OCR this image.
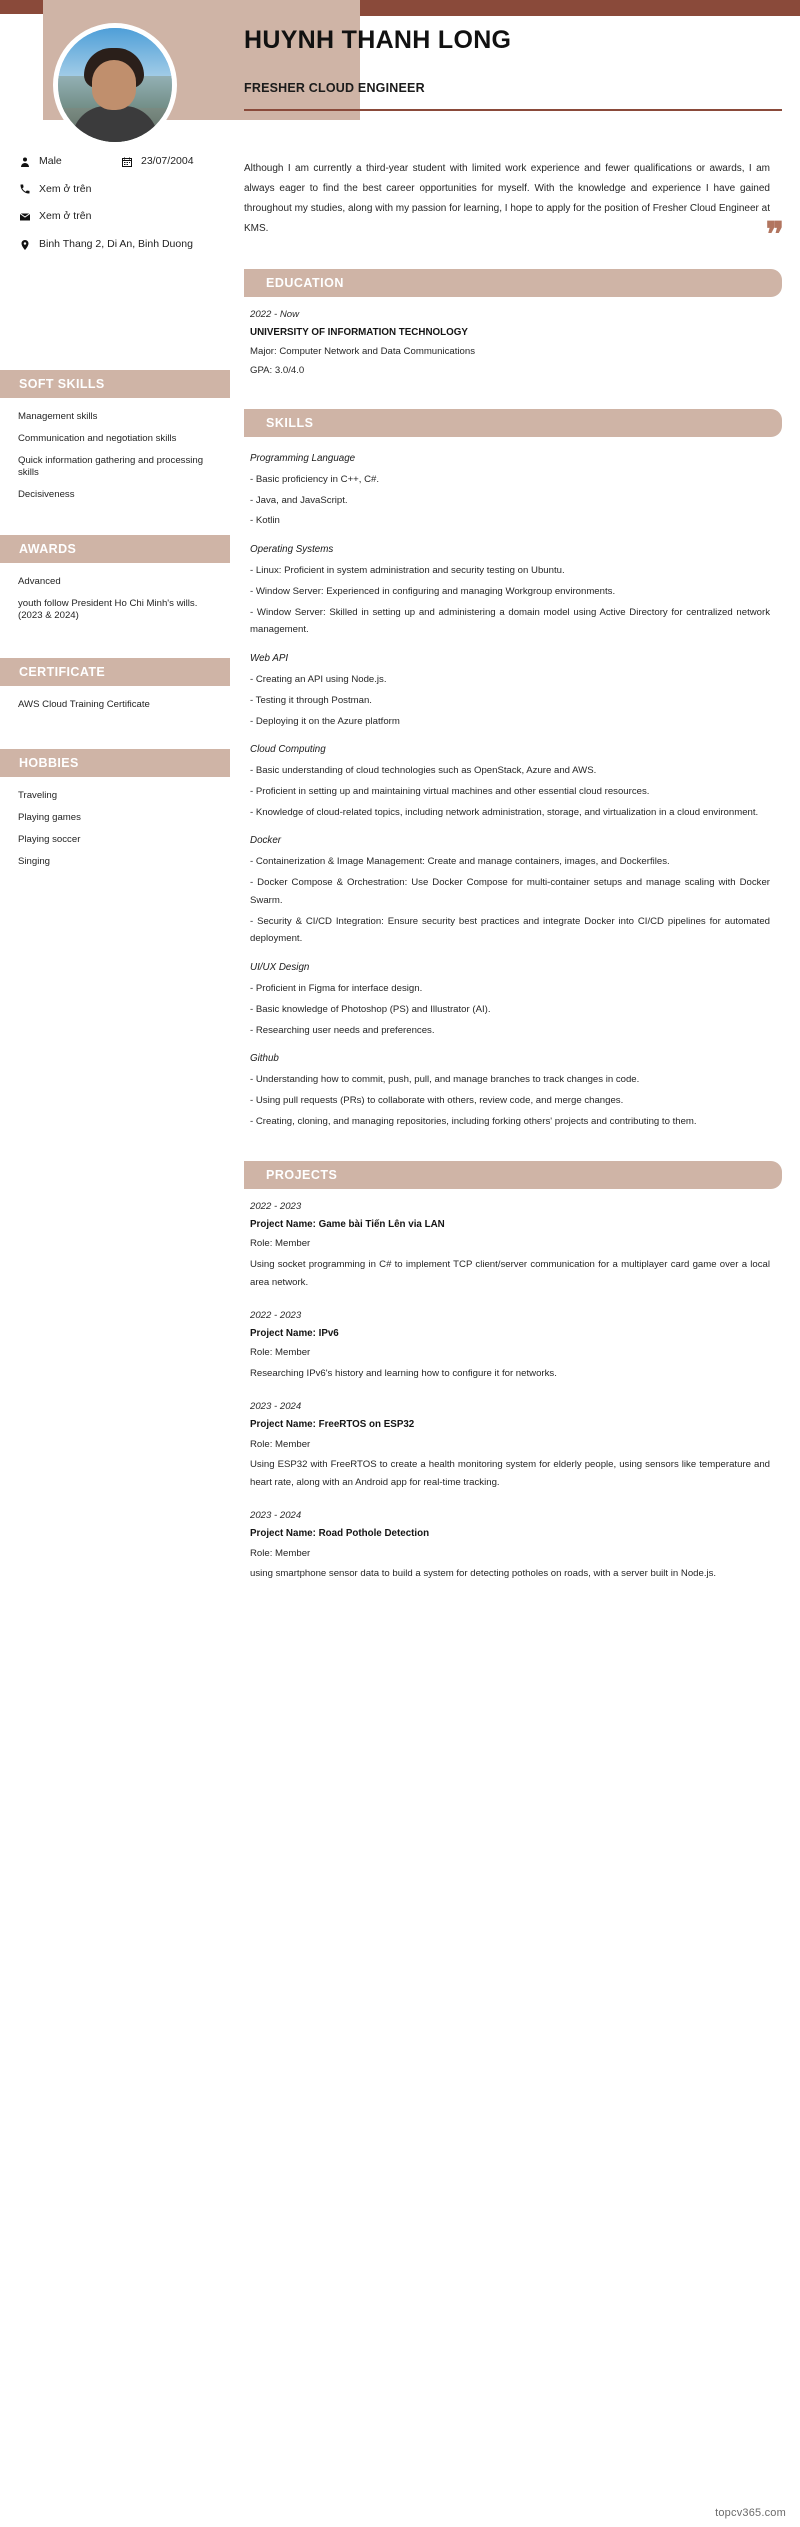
Male	23/07/2004
Xem ở trên
Xem ở trên
Binh Thang 2, Di An, Binh Duong
SOFT SKILLS
Management skills
Communication and negotiation skills
Quick information gathering and processing skills
Decisiveness
AWARDS
Advanced
youth follow President Ho Chi Minh's wills. (2023 & 2024)
CERTIFICATE
AWS Cloud Training Certificate
HOBBIES
Traveling
Playing games
Playing soccer
Singing
HUYNH THANH LONG
FRESHER CLOUD ENGINEER
Although I am currently a third-year student with limited work experience and fewer qualifications or awards, I am always eager to find the best career opportunities for myself. With the knowledge and experience I have gained throughout my studies, along with my passion for learning, I hope to apply for the position of Fresher Cloud Engineer at KMS.	❞
EDUCATION
2022 - Now
UNIVERSITY OF INFORMATION TECHNOLOGY
Major: Computer Network and Data Communications
GPA: 3.0/4.0
SKILLS
Programming Language
- Basic proficiency in C++, C#.
- Java, and JavaScript.
- Kotlin
Operating Systems
- Linux: Proficient in system administration and security testing on Ubuntu.
- Window Server: Experienced in configuring and managing Workgroup environments.
- Window Server: Skilled in setting up and administering a domain model using Active Directory for centralized network management.
Web API
- Creating an API using Node.js.
- Testing it through Postman.
- Deploying it on the Azure platform
Cloud Computing
- Basic understanding of cloud technologies such as OpenStack, Azure and AWS.
- Proficient in setting up and maintaining virtual machines and other essential cloud resources.
- Knowledge of cloud-related topics, including network administration, storage, and virtualization in a cloud environment.
Docker
- Containerization & Image Management: Create and manage containers, images, and Dockerfiles.
- Docker Compose & Orchestration: Use Docker Compose for multi-container setups and manage scaling with Docker Swarm.
- Security & CI/CD Integration: Ensure security best practices and integrate Docker into CI/CD pipelines for automated deployment.
UI/UX Design
- Proficient in Figma for interface design.
- Basic knowledge of Photoshop (PS) and Illustrator (AI).
- Researching user needs and preferences.
Github
- Understanding how to commit, push, pull, and manage branches to track changes in code.
- Using pull requests (PRs) to collaborate with others, review code, and merge changes.
- Creating, cloning, and managing repositories, including forking others' projects and contributing to them.
PROJECTS
2022 - 2023
Project Name: Game bài Tiến Lên via LAN
Role: Member
Using socket programming in C# to implement TCP client/server communication for a multiplayer card game over a local area network.
2022 - 2023
Project Name: IPv6
Role: Member
Researching IPv6's history and learning how to configure it for networks.
2023 - 2024
Project Name: FreeRTOS on ESP32
Role: Member
Using ESP32 with FreeRTOS to create a health monitoring system for elderly people, using sensors like temperature and heart rate, along with an Android app for real-time tracking.
2023 - 2024
Project Name: Road Pothole Detection
Role: Member
using smartphone sensor data to build a system for detecting potholes on roads, with a server built in Node.js.
topcv365.com
